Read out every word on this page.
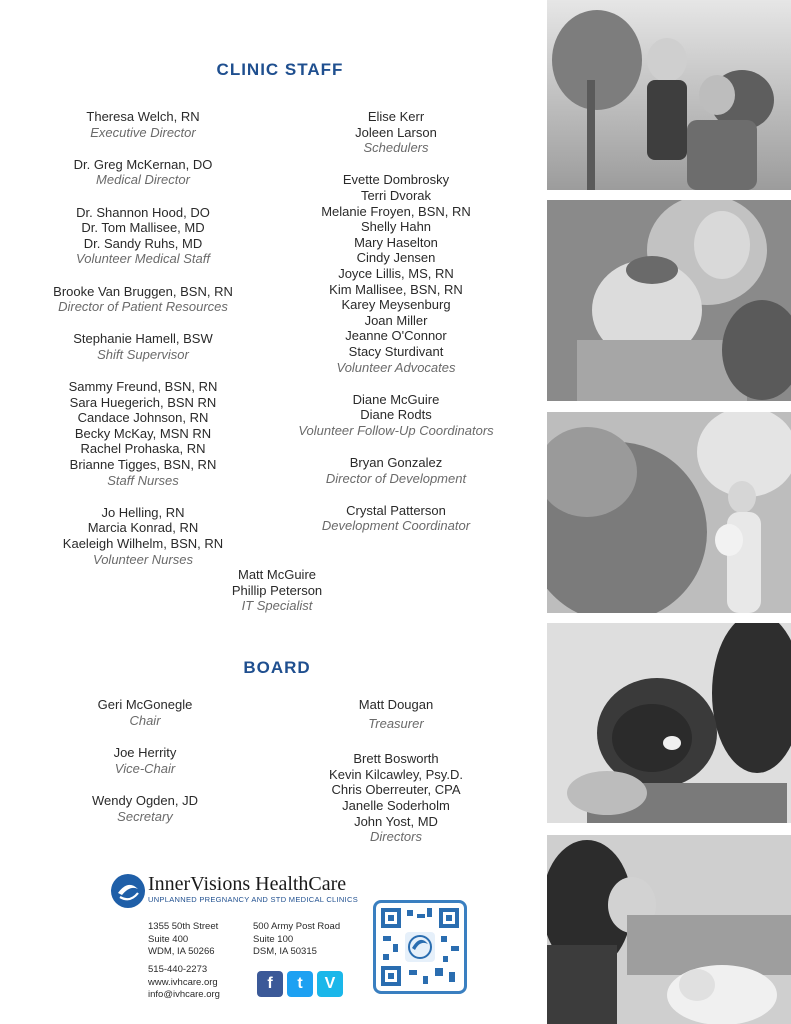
CLINIC STAFF
Theresa Welch, RN
Executive Director
Dr. Greg McKernan, DO
Medical Director
Dr. Shannon Hood, DO
Dr. Tom Mallisee, MD
Dr. Sandy Ruhs, MD
Volunteer Medical Staff
Brooke Van Bruggen, BSN, RN
Director of Patient Resources
Stephanie Hamell, BSW
Shift Supervisor
Sammy Freund, BSN, RN
Sara Huegerich, BSN RN
Candace Johnson, RN
Becky McKay, MSN RN
Rachel Prohaska, RN
Brianne Tigges, BSN, RN
Staff Nurses
Jo Helling, RN
Marcia Konrad, RN
Kaeleigh Wilhelm, BSN, RN
Volunteer Nurses
Elise Kerr
Joleen Larson
Schedulers
Evette Dombrosky
Terri Dvorak
Melanie Froyen, BSN, RN
Shelly Hahn
Mary Haselton
Cindy Jensen
Joyce Lillis, MS, RN
Kim Mallisee, BSN, RN
Karey Meysenburg
Joan Miller
Jeanne O'Connor
Stacy Sturdivant
Volunteer Advocates
Diane McGuire
Diane Rodts
Volunteer Follow-Up Coordinators
Bryan Gonzalez
Director of Development
Crystal Patterson
Development Coordinator
Matt McGuire
Phillip Peterson
IT Specialist
BOARD
Geri McGonegle
Chair
Joe Herrity
Vice-Chair
Wendy Ogden, JD
Secretary
Matt Dougan
Treasurer
Brett Bosworth
Kevin Kilcawley, Psy.D.
Chris Oberreuter, CPA
Janelle Soderholm
John Yost, MD
Directors
InnerVisions HealthCare
UNPLANNED PREGNANCY AND STD MEDICAL CLINICS
1355 50th Street
Suite 400
WDM, IA 50266
500 Army Post Road
Suite 100
DSM, IA 50315
515-440-2273
www.ivhcare.org
info@ivhcare.org
f	t	V
